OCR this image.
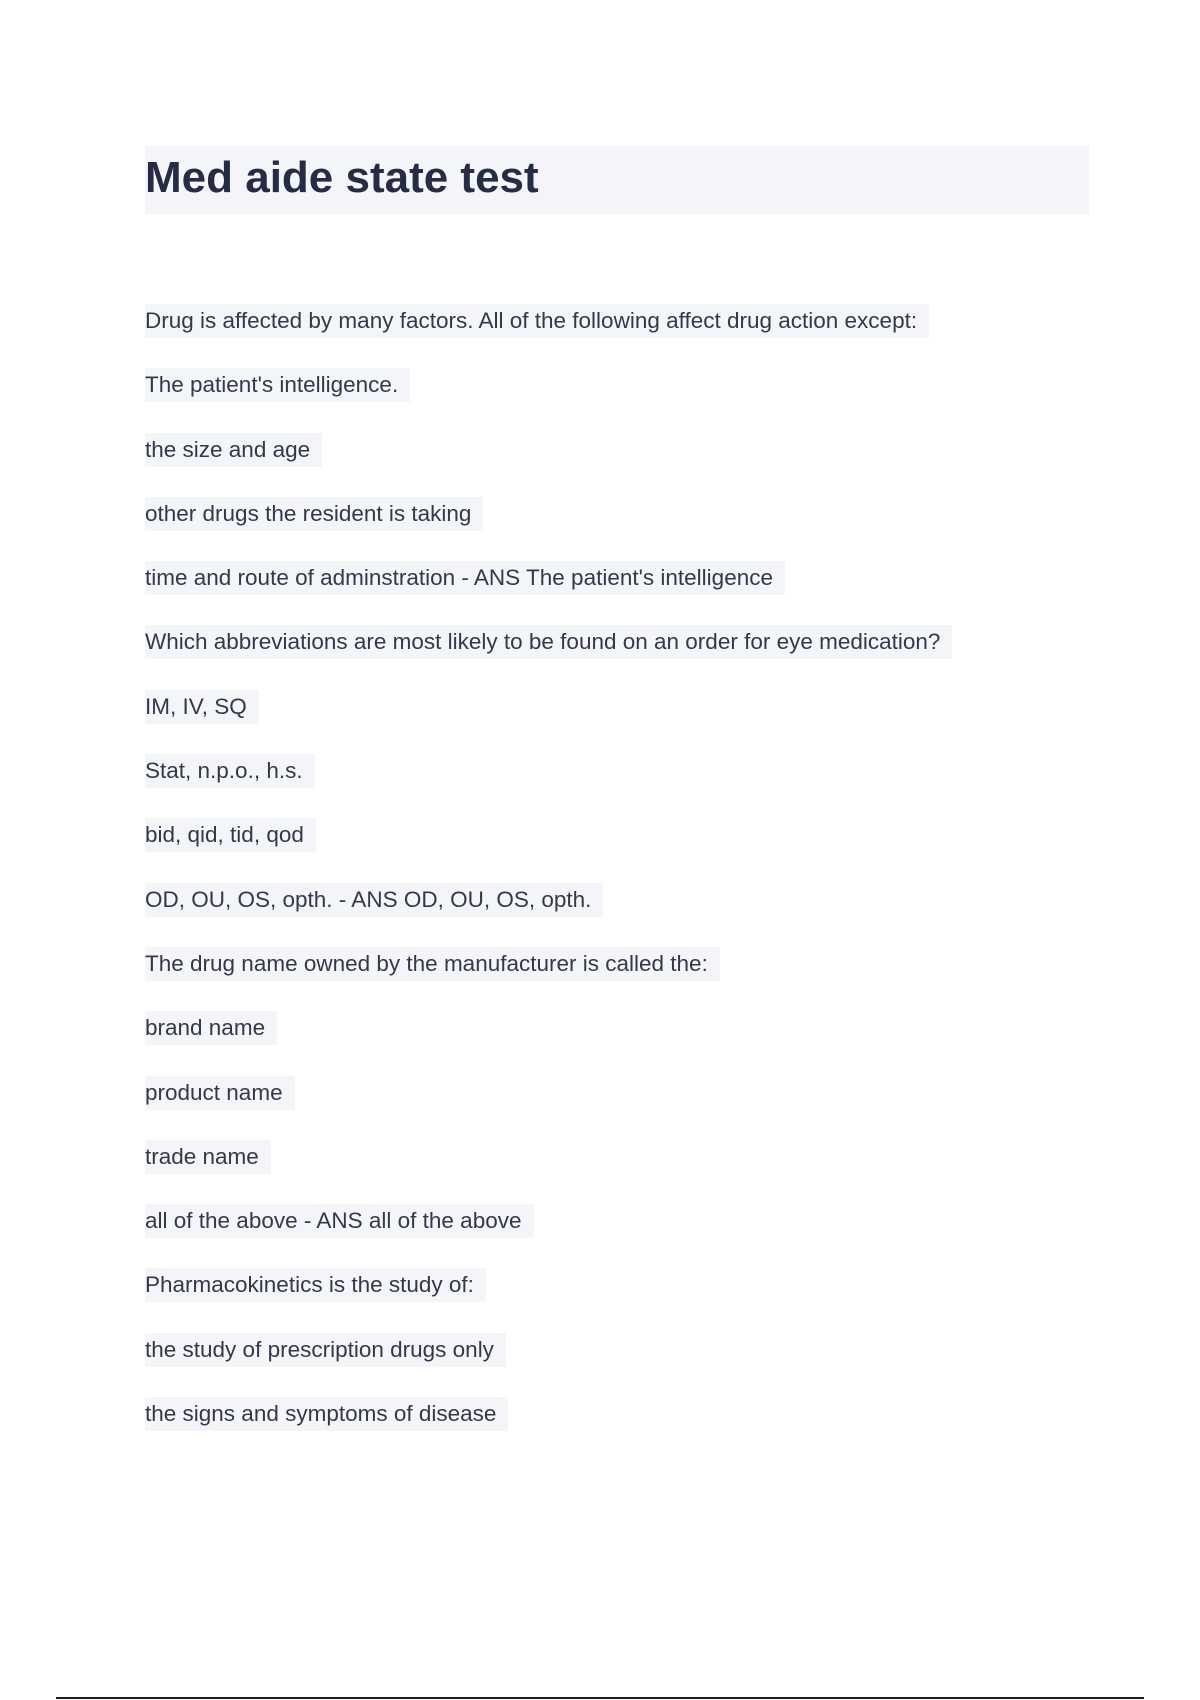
Med aide state test
Drug is affected by many factors. All of the following affect drug action except:
The patient's intelligence.
the size and age
other drugs the resident is taking
time and route of adminstration - ANS The patient's intelligence
Which abbreviations are most likely to be found on an order for eye medication?
IM, IV, SQ
Stat, n.p.o., h.s.
bid, qid, tid, qod
OD, OU, OS, opth. - ANS OD, OU, OS, opth.
The drug name owned by the manufacturer is called the:
brand name
product name
trade name
all of the above - ANS all of the above
Pharmacokinetics is the study of:
the study of prescription drugs only
the signs and symptoms of disease
